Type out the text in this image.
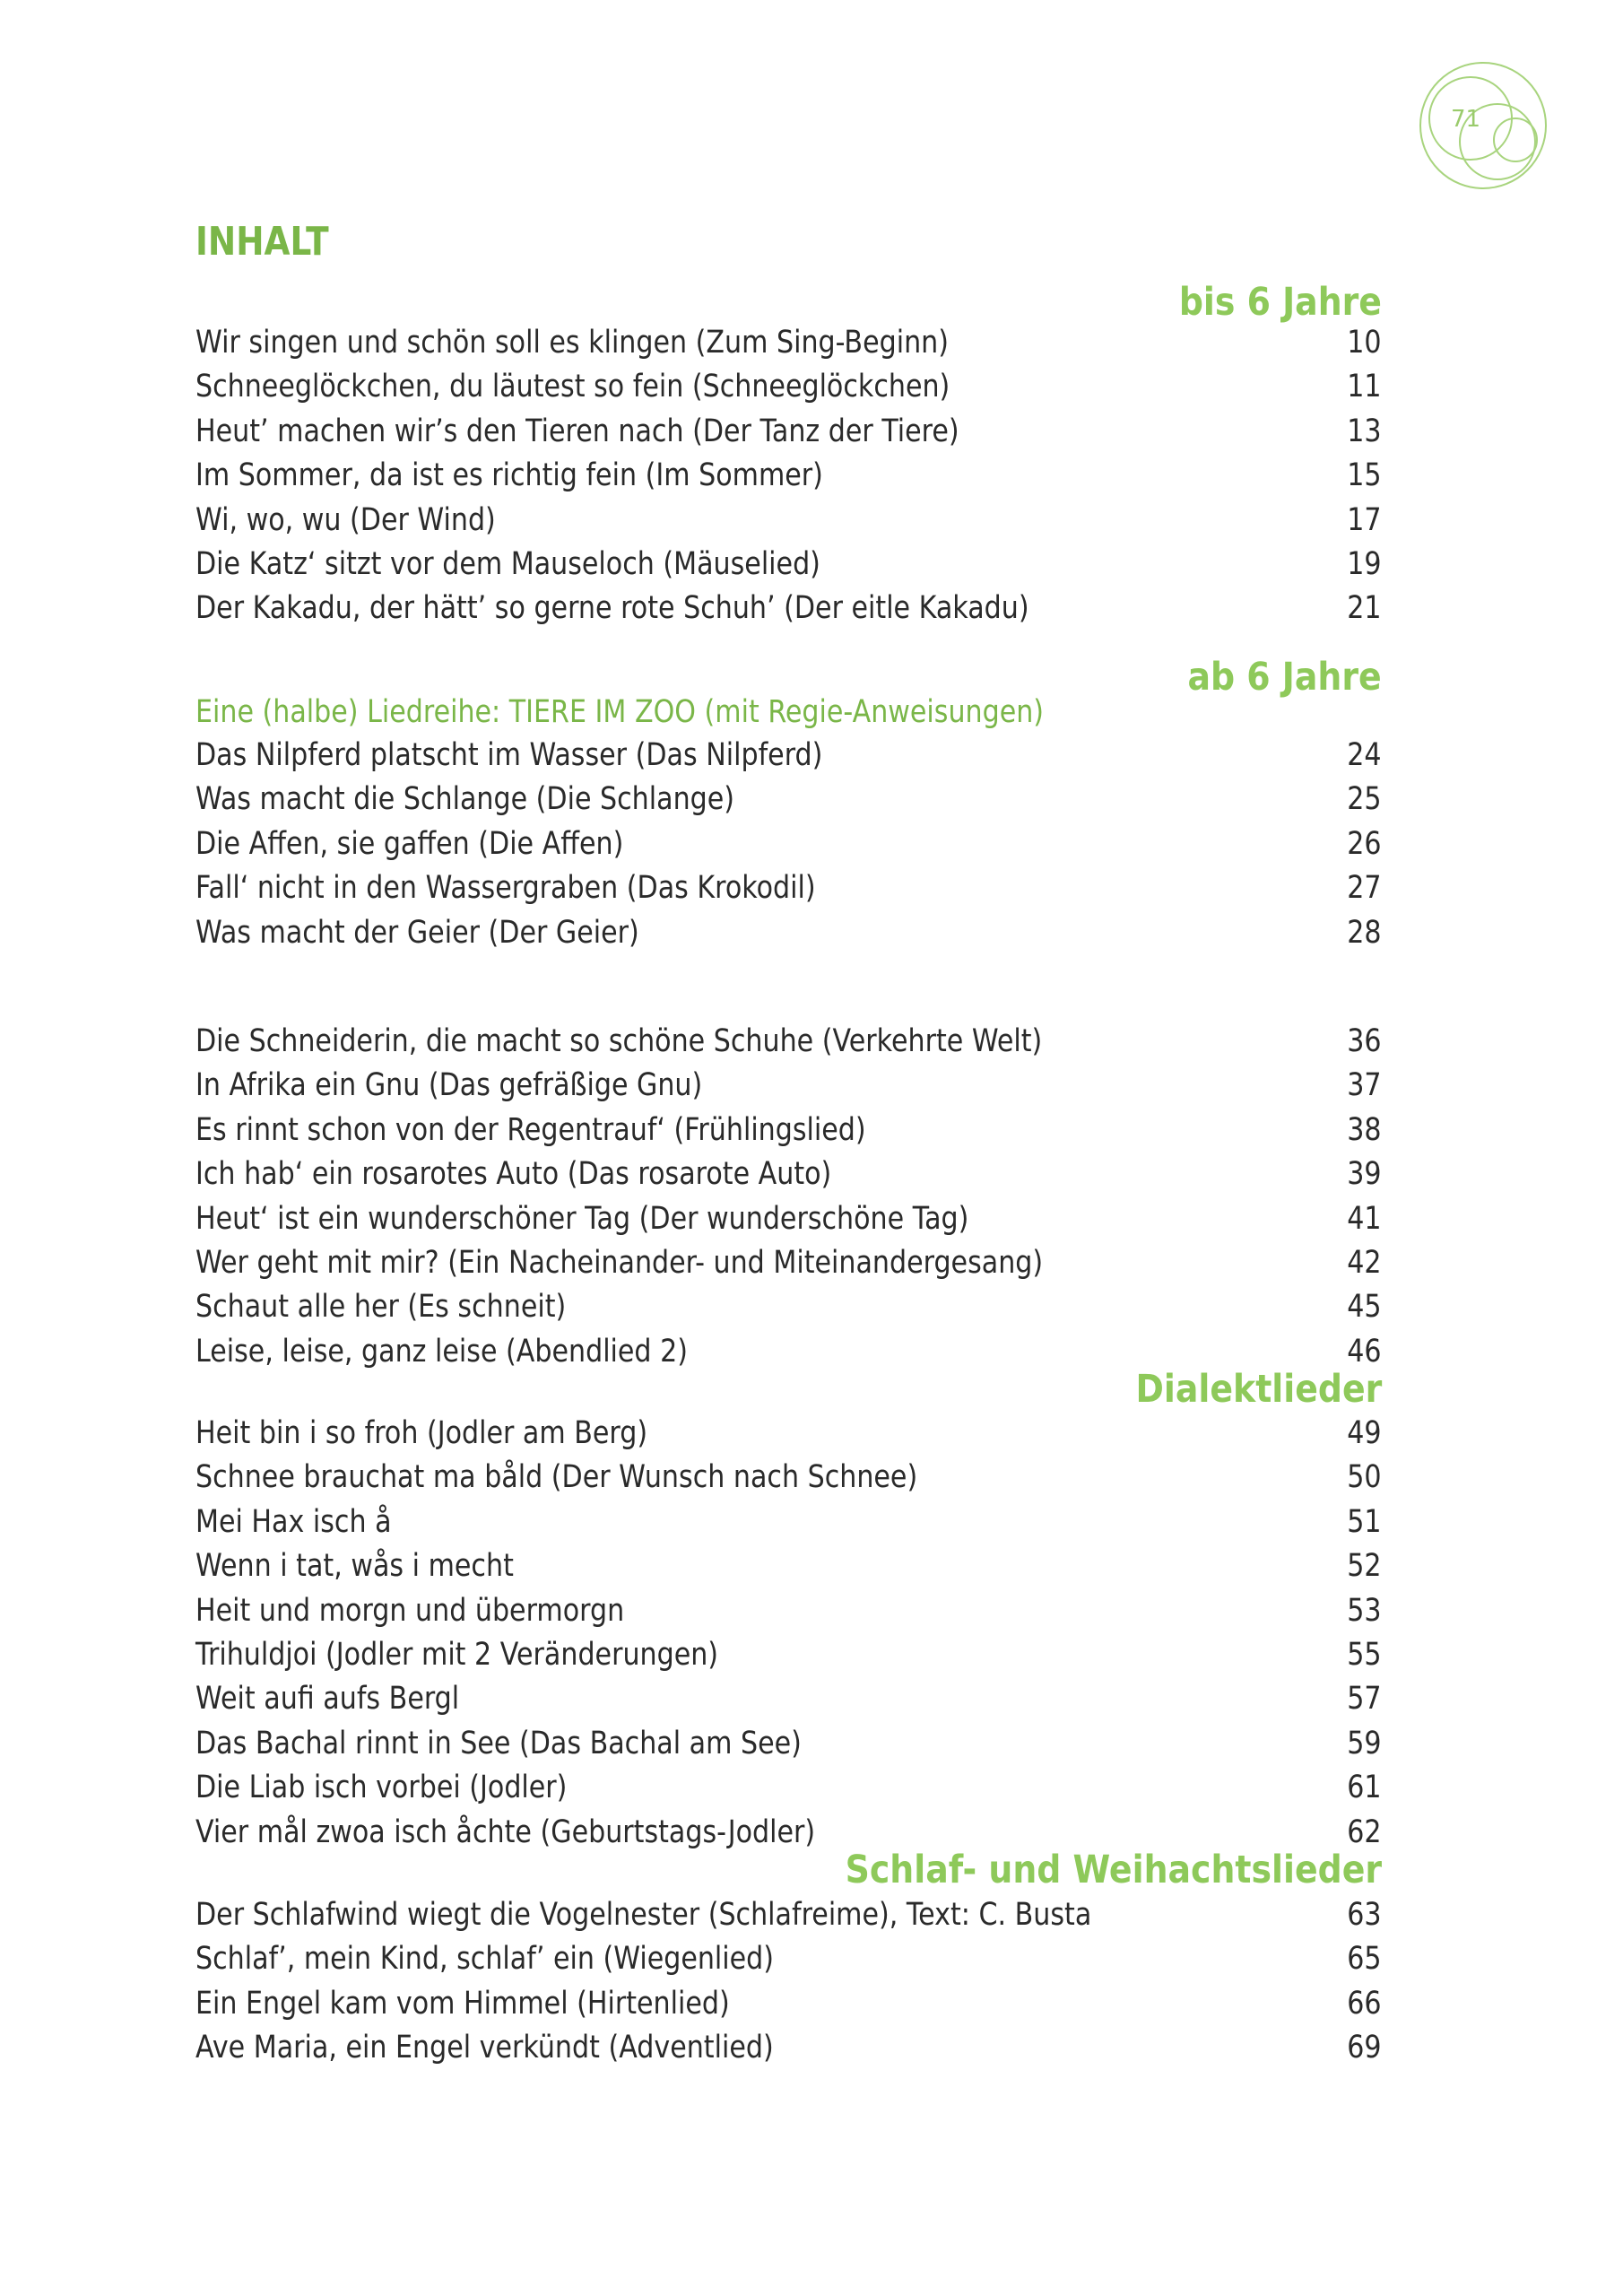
71
INHALT
bis 6 Jahre
Wir singen und schön soll es klingen (Zum Sing-Beginn)	10
Schneeglöckchen, du läutest so fein (Schneeglöckchen)	11
Heut’ machen wir’s den Tieren nach (Der Tanz der Tiere)	13
Im Sommer, da ist es richtig fein (Im Sommer)	15
Wi, wo, wu (Der Wind)	17
Die Katz‘ sitzt vor dem Mauseloch (Mäuselied)	19
Der Kakadu, der hätt’ so gerne rote Schuh’ (Der eitle Kakadu)	21
ab 6 Jahre
Eine (halbe) Liedreihe: TIERE IM ZOO (mit Regie-Anweisungen)
Das Nilpferd platscht im Wasser (Das Nilpferd)	24
Was macht die Schlange (Die Schlange)	25
Die Affen, sie gaffen (Die Affen)	26
Fall‘ nicht in den Wassergraben (Das Krokodil)	27
Was macht der Geier (Der Geier)	28
Die Schneiderin, die macht so schöne Schuhe (Verkehrte Welt)	36
In Afrika ein Gnu (Das gefräßige Gnu)	37
Es rinnt schon von der Regentrauf‘ (Frühlingslied)	38
Ich hab‘ ein rosarotes Auto (Das rosarote Auto)	39
Heut‘ ist ein wunderschöner Tag (Der wunderschöne Tag)	41
Wer geht mit mir? (Ein Nacheinander- und Miteinandergesang)	42
Schaut alle her (Es schneit)	45
Leise, leise, ganz leise (Abendlied 2)	46
Dialektlieder
Heit bin i so froh (Jodler am Berg)	49
Schnee brauchat ma båld (Der Wunsch nach Schnee)	50
Mei Hax isch å	51
Wenn i tat, wås i mecht	52
Heit und morgn und übermorgn	53
Trihuldjoi (Jodler mit 2 Veränderungen)	55
Weit aufi aufs Bergl	57
Das Bachal rinnt in See (Das Bachal am See)	59
Die Liab isch vorbei (Jodler)	61
Vier mål zwoa isch åchte (Geburtstags-Jodler)	62
Schlaf- und Weihachtslieder
Der Schlafwind wiegt die Vogelnester (Schlafreime), Text: C. Busta	63
Schlaf’, mein Kind, schlaf’ ein (Wiegenlied)	65
Ein Engel kam vom Himmel (Hirtenlied)	66
Ave Maria, ein Engel verkündt (Adventlied)	69
